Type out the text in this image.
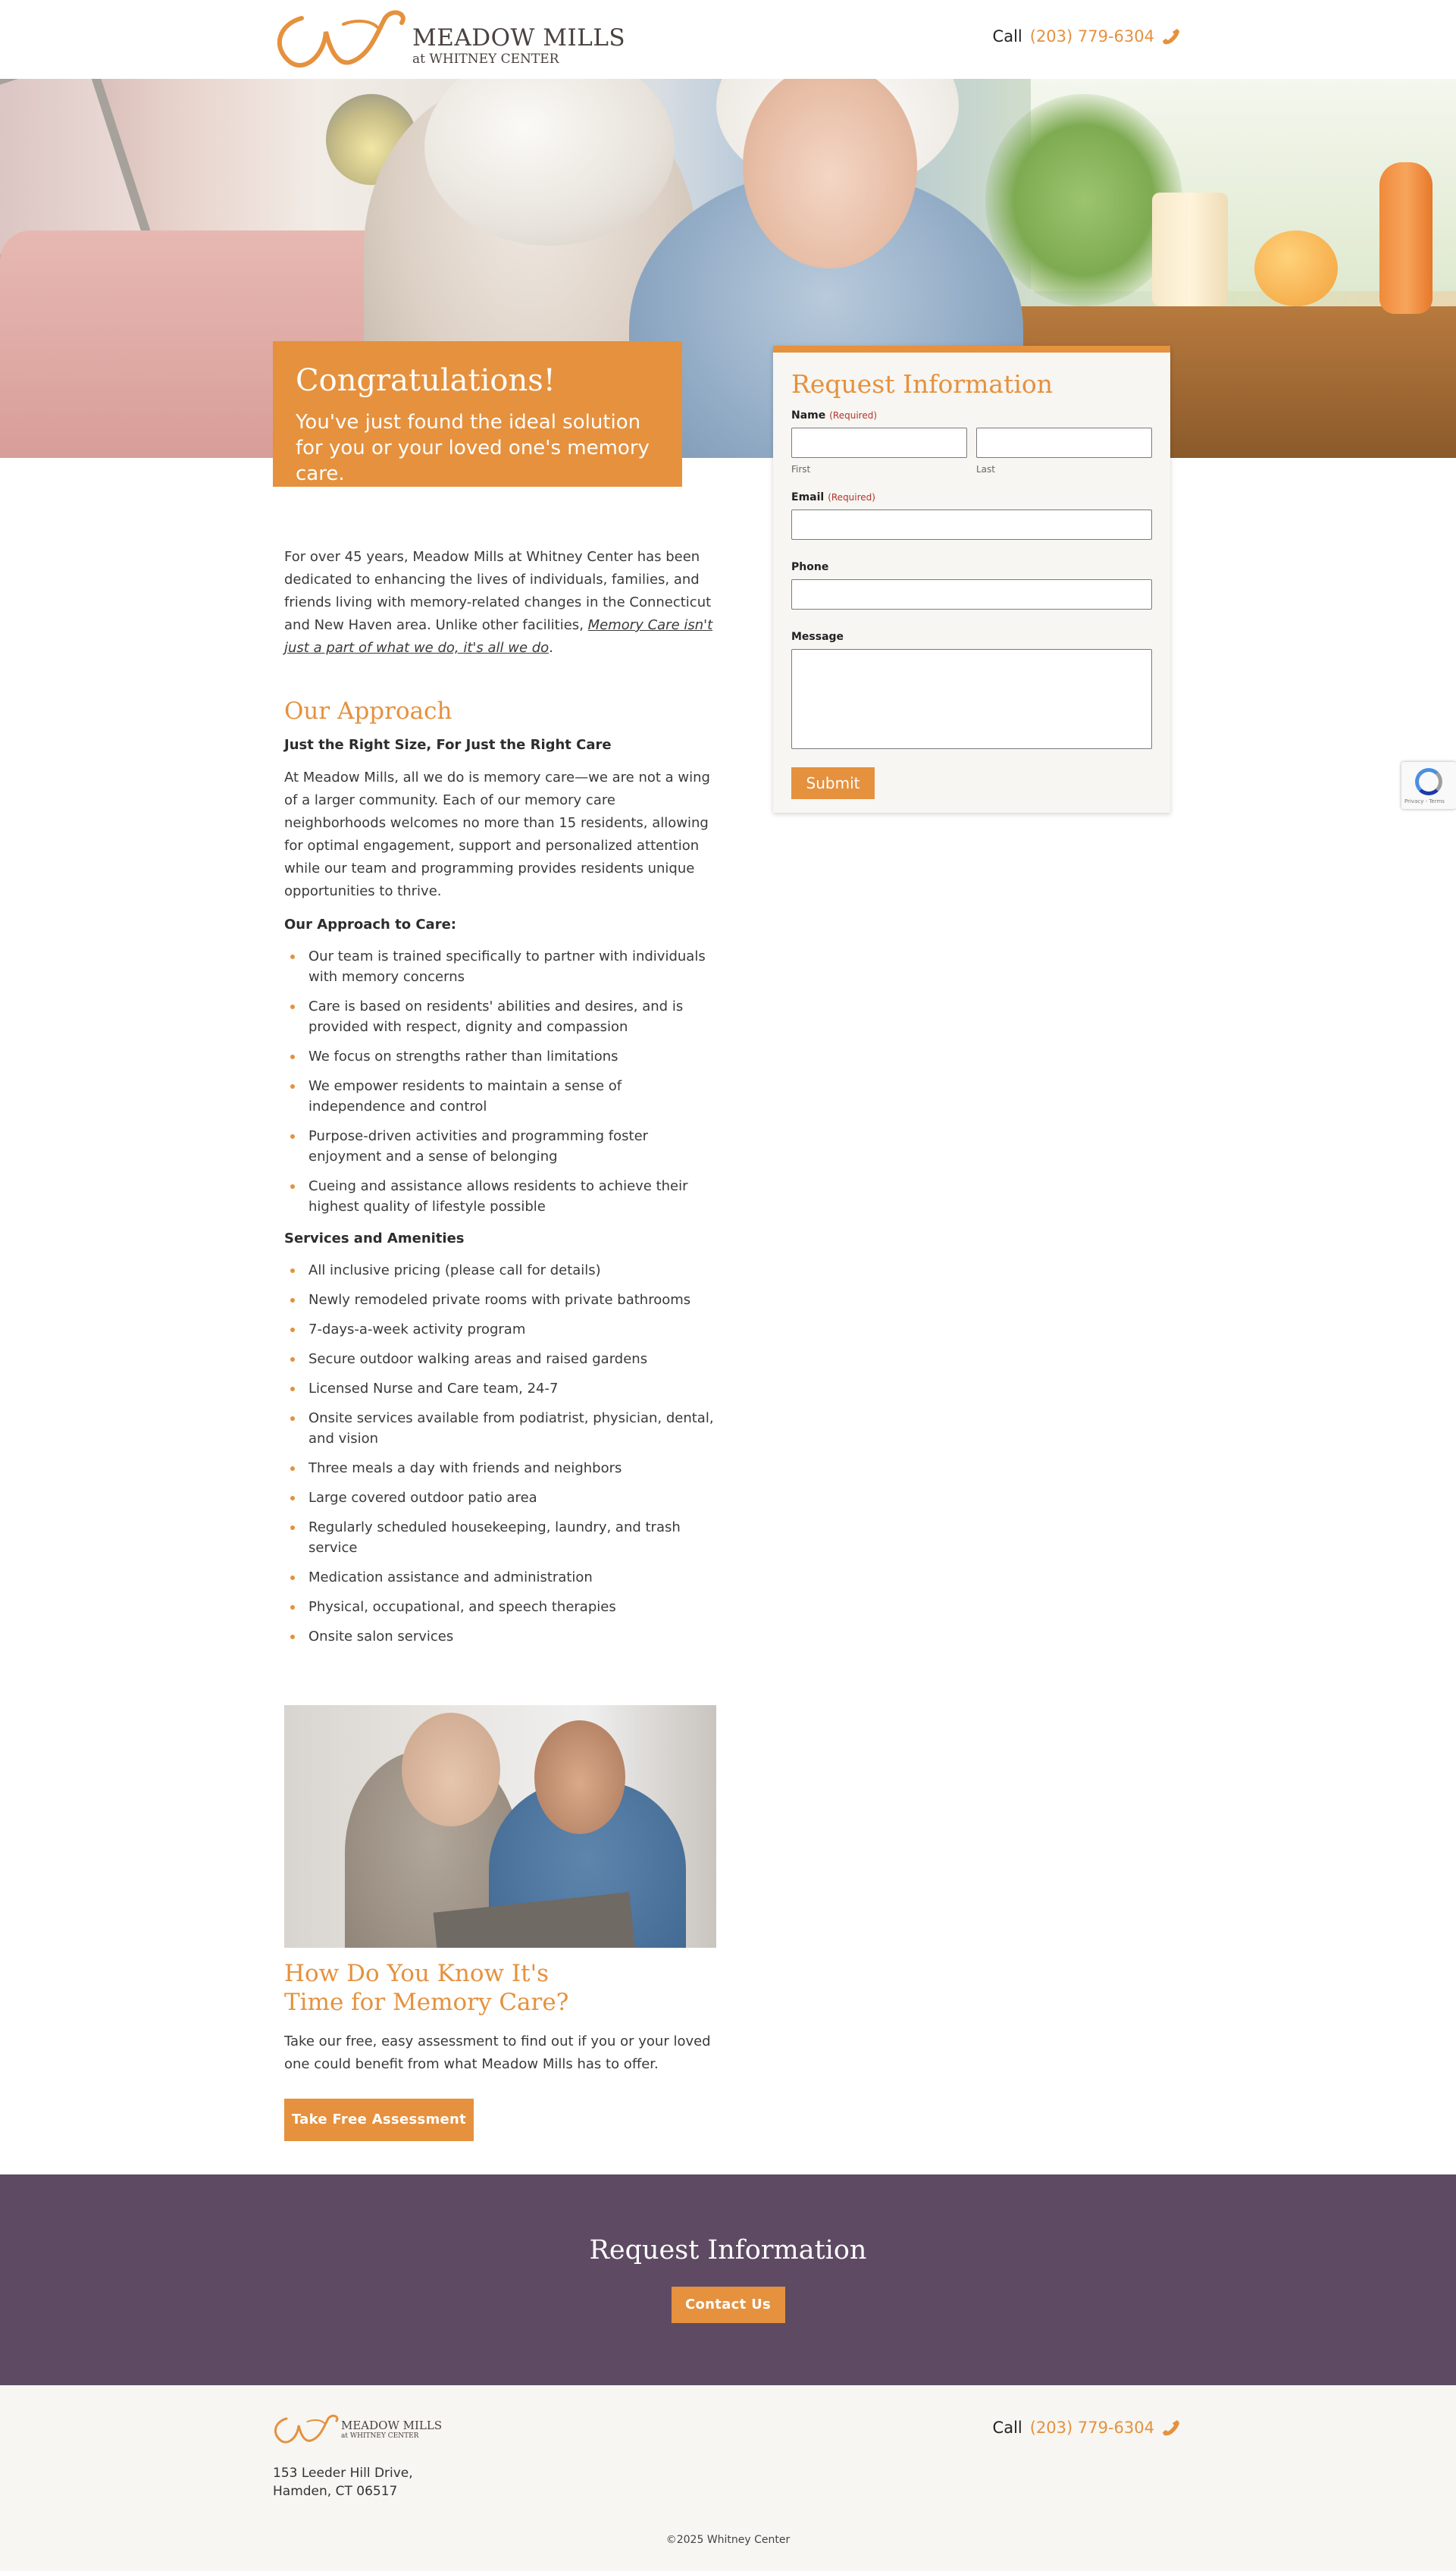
MEADOW MILLS
at WHITNEY CENTER
Call (203) 779-6304
Congratulations!

You've just found the ideal solution for you or your loved one's memory care.

Request Information
Name (Required)
First	Last
Email (Required)
Phone
Message
Submit
Privacy - Terms

For over 45 years, Meadow Mills at Whitney Center has been dedicated to enhancing the lives of individuals, families, and friends living with memory-related changes in the Connecticut and New Haven area. Unlike other facilities, Memory Care isn't just a part of what we do, it's all we do.

Our Approach
Just the Right Size, For Just the Right Care

At Meadow Mills, all we do is memory care—we are not a wing of a larger community. Each of our memory care neighborhoods welcomes no more than 15 residents, allowing for optimal engagement, support and personalized attention while our team and programming provides residents unique opportunities to thrive.

Our Approach to Care:
Our team is trained specifically to partner with individuals with memory concerns
Care is based on residents' abilities and desires, and is provided with respect, dignity and compassion
We focus on strengths rather than limitations
We empower residents to maintain a sense of independence and control
Purpose-driven activities and programming foster enjoyment and a sense of belonging
Cueing and assistance allows residents to achieve their highest quality of lifestyle possible
Services and Amenities
All inclusive pricing (please call for details)
Newly remodeled private rooms with private bathrooms
7-days-a-week activity program
Secure outdoor walking areas and raised gardens
Licensed Nurse and Care team, 24-7
Onsite services available from podiatrist, physician, dental, and vision
Three meals a day with friends and neighbors
Large covered outdoor patio area
Regularly scheduled housekeeping, laundry, and trash service
Medication assistance and administration
Physical, occupational, and speech therapies
Onsite salon services
How Do You Know It's
Time for Memory Care?

Take our free, easy assessment to find out if you or your loved one could benefit from what Meadow Mills has to offer.

Take Free Assessment
Request Information
Contact Us
MEADOW MILLS
at WHITNEY CENTER	Call (203) 779-6304
153 Leeder Hill Drive,
Hamden, CT 06517
©2025 Whitney Center
